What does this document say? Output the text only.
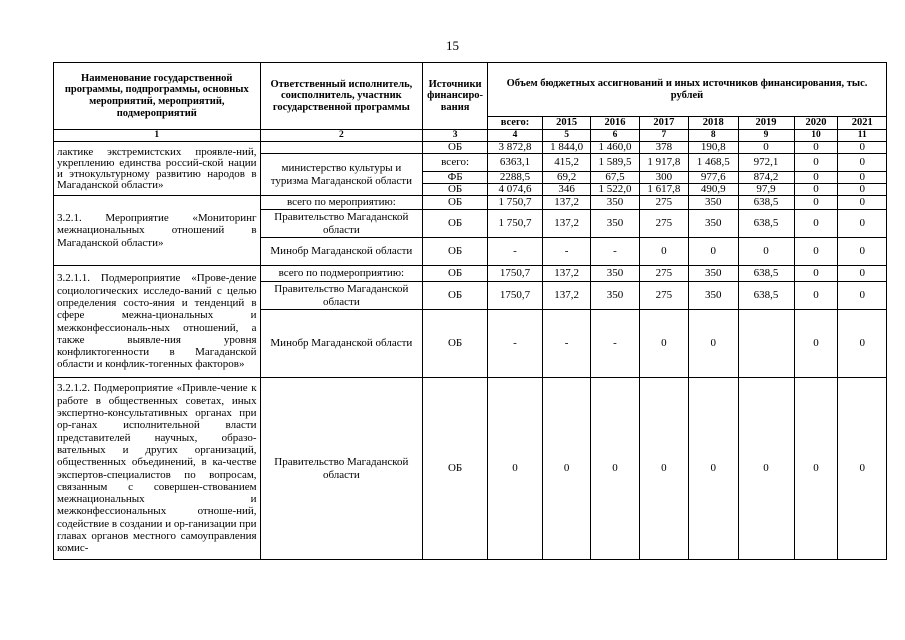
15
Наименование государственной программы, подпрограммы, основных мероприятий, мероприятий, подмероприятий	Ответственный исполнитель, соисполнитель, участник государственной программы	Источники финансиро-вания	Объем бюджетных ассигнований и иных источников финансирования, тыс. рублей							
			всего:	2015	2016	2017	2018	2019	2020	2021
1	2	3	4	5	6	7	8	9	10	11
лактике экстремистских проявле-ний, укреплению единства россий-ской нации и этнокультурному развитию народов в Магаданской области»		ОБ	3 872,8	1 844,0	1 460,0	378	190,8	0	0	0
	министерство культуры и туризма Магаданской области	всего:	6363,1	415,2	1 589,5	1 917,8	1 468,5	972,1	0	0
		ФБ	2288,5	69,2	67,5	300	977,6	874,2	0	0
		ОБ	4 074,6	346	1 522,0	1 617,8	490,9	97,9	0	0
3.2.1. Мероприятие «Мониторинг межнациональных отношений в Магаданской области»	всего по мероприятию:	ОБ	1 750,7	137,2	350	275	350	638,5	0	0
	Правительство Магаданской области	ОБ	1 750,7	137,2	350	275	350	638,5	0	0
	Минобр Магаданской области	ОБ	-	-	-	0	0	0	0	0
3.2.1.1. Подмероприятие «Прове-дение социологических исследо-ваний с целью определения состо-яния и тенденций в сфере межна-циональных и межконфессиональ-ных отношений, а также выявле-ния уровня конфликтогенности в Магаданской области и конфлик-тогенных факторов»	всего по подмероприятию:	ОБ	1750,7	137,2	350	275	350	638,5	0	0
	Правительство Магаданской области	ОБ	1750,7	137,2	350	275	350	638,5	0	0
	Минобр Магаданской области	ОБ	-	-	-	0	0		0	0
3.2.1.2. Подмероприятие «Привле-чение к работе в общественных советах, иных экспертно-консультативных органах при ор-ганах исполнительной власти представителей научных, образо-вательных и других организаций, общественных объединений, в ка-честве экспертов-специалистов по вопросам, связанным с совершен-ствованием межнациональных и межконфессиональных отноше-ний, содействие в создании и ор-ганизации при главах органов местного самоуправления комис-	Правительство Магаданской области	ОБ	0	0	0	0	0	0	0	0
